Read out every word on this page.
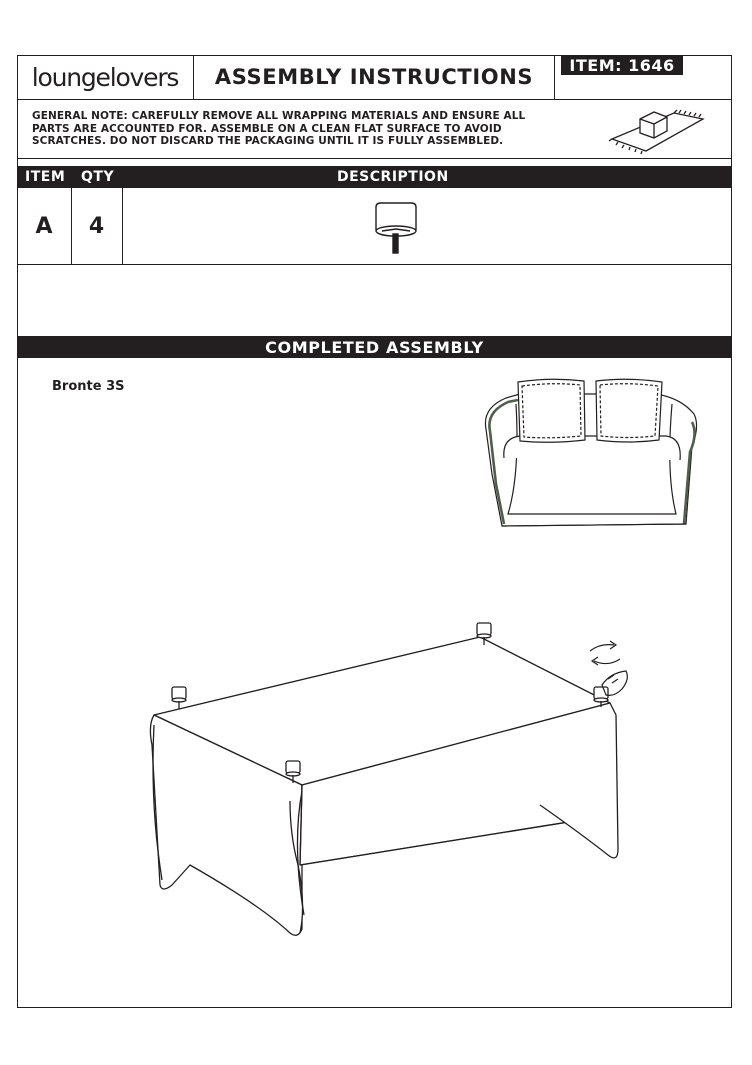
loungelovers	ASSEMBLY INSTRUCTIONS	ITEM: 1646
GENERAL NOTE: CAREFULLY REMOVE ALL WRAPPING MATERIALS AND ENSURE ALL
PARTS ARE ACCOUNTED FOR. ASSEMBLE ON A CLEAN FLAT SURFACE TO AVOID
SCRATCHES. DO NOT DISCARD THE PACKAGING UNTIL IT IS FULLY ASSEMBLED.
ITEM QTY	DESCRIPTION
A	4
COMPLETED ASSEMBLY
Bronte 3S
